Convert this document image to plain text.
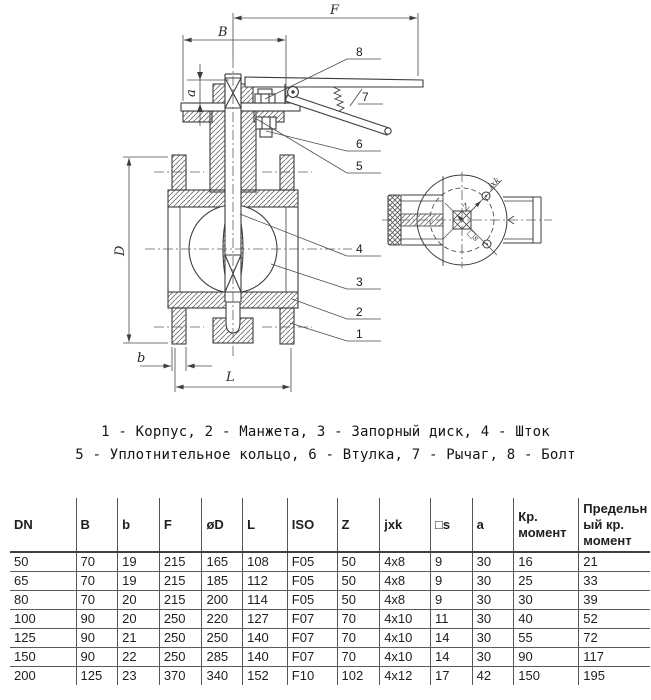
Z
□s
jxk
F
B
a
D
b
L
8
7
6
5
4
3
2
1
1 - Корпус, 2 - Манжета, 3 - Запорный диск, 4 - Шток
5 - Уплотнительное кольцо, 6 - Втулка, 7 - Рычаг, 8 - Болт
DN	B	b	F	øD	L	ISO	Z	jxk	□s	a	Кр. момент	Предельный кр. момент
50	70	19	215	165	108	F05	50	4x8	9	30	16	21
65	70	19	215	185	112	F05	50	4x8	9	30	25	33
80	70	20	215	200	114	F05	50	4x8	9	30	30	39
100	90	20	250	220	127	F07	70	4x10	11	30	40	52
125	90	21	250	250	140	F07	70	4x10	14	30	55	72
150	90	22	250	285	140	F07	70	4x10	14	30	90	117
200	125	23	370	340	152	F10	102	4x12	17	42	150	195
